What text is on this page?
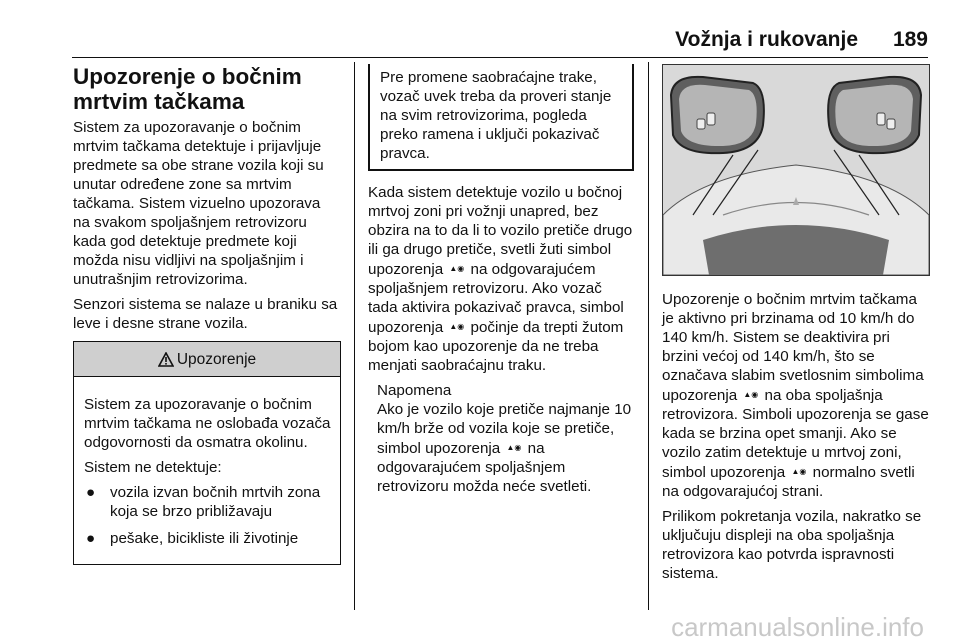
Vožnja i rukovanje 189
Upozorenje o bočnim
mrtvim tačkama

Sistem za upozoravanje o bočnim mrtvim tačkama detektuje i prijavljuje predmete sa obe strane vozila koji su unutar određene zone sa mrtvim tačkama. Sistem vizuelno upozorava na svakom spoljašnjem retrovizoru kada god detektuje predmete koji možda nisu vidljivi na spoljašnjim i unutrašnjim retrovizorima.

Senzori sistema se nalaze u braniku sa leve i desne strane vozila.

Upozorenje

Sistem za upozoravanje o bočnim mrtvim tačkama ne oslobađa vozača odgovornosti da osmatra okolinu.

Sistem ne detektuje:

● vozila izvan bočnih mrtvih zona koja se brzo približavaju
● pešake, bicikliste ili životinje
Pre promene saobraćajne trake, vozač uvek treba da proveri stanje na svim retrovizorima, pogleda preko ramena i uključi pokazivač pravca.

Kada sistem detektuje vozilo u bočnoj mrtvoj zoni pri vožnji unapred, bez obzira na to da li to vozilo pretiče drugo ili ga drugo pretiče, svetli žuti simbol upozorenja ▲◉ na odgovarajućem spoljašnjem retrovizoru. Ako vozač tada aktivira pokazivač pravca, simbol upozorenja ▲◉ počinje da trepti žutom bojom kao upozorenje da ne treba menjati saobraćajnu traku.

Napomena

Ako je vozilo koje pretiče najmanje 10 km/h brže od vozila koje se pretiče, simbol upozorenja ▲◉ na odgovarajućem spoljašnjem retrovizoru možda neće svetleti.

Upozorenje o bočnim mrtvim tačkama je aktivno pri brzinama od 10 km/h do 140 km/h. Sistem se deaktivira pri brzini većoj od 140 km/h, što se označava slabim svetlosnim simbolima upozorenja ▲◉ na oba spoljašnja retrovizora. Simboli upozorenja se gase kada se brzina opet smanji. Ako se vozilo zatim detektuje u mrtvoj zoni, simbol upozorenja ▲◉ normalno svetli na odgovarajućoj strani.

Prilikom pokretanja vozila, nakratko se uključuju displeji na oba spoljašnja retrovizora kao potvrda ispravnosti sistema.

carmanualsonline.info
